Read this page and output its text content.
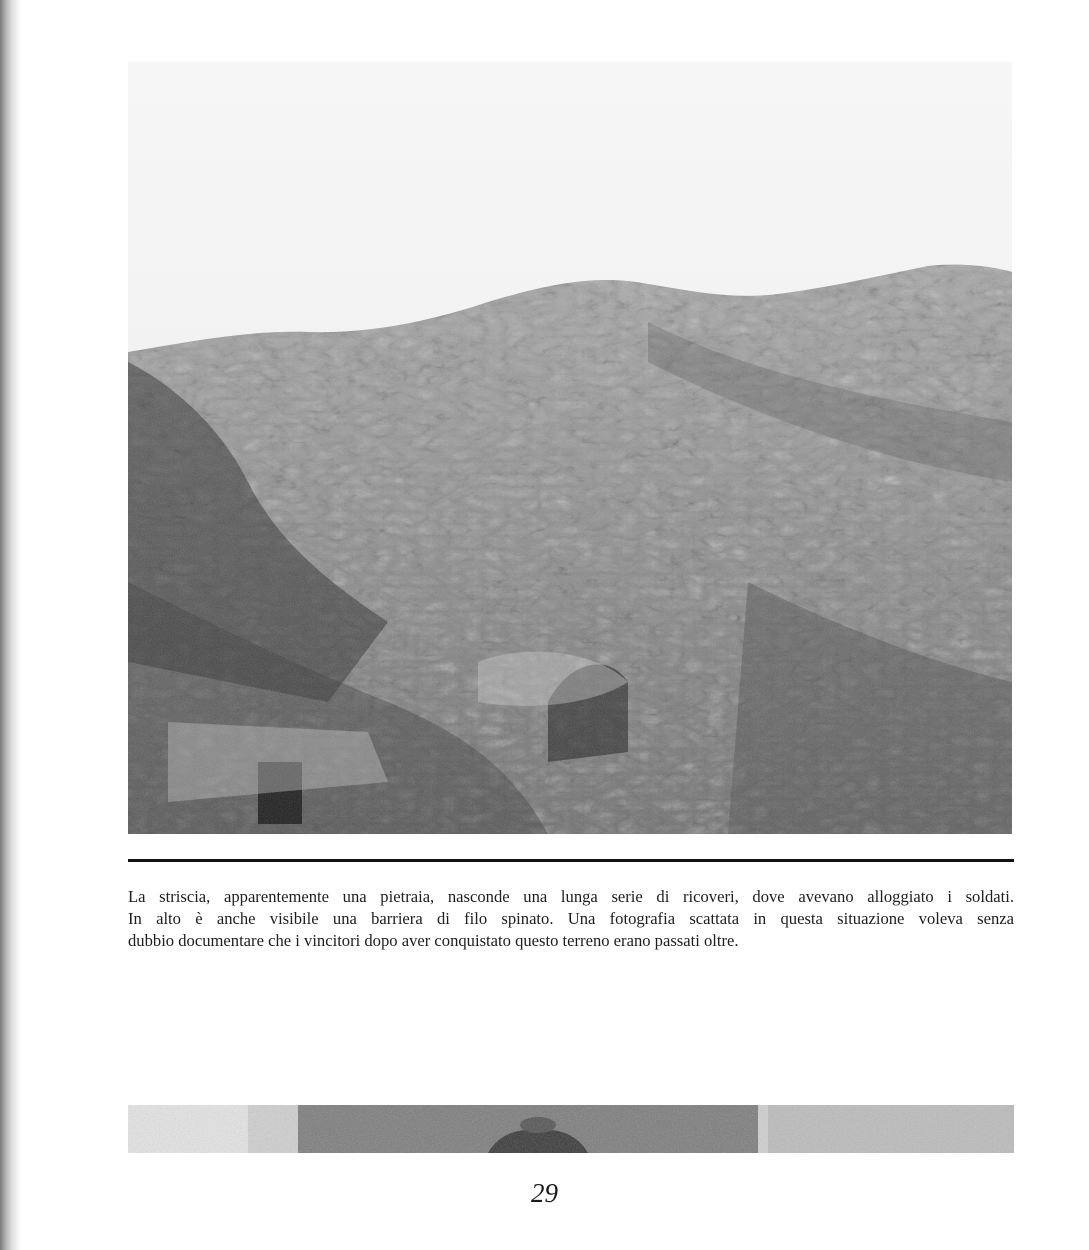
La striscia, apparentemente una pietraia, nasconde una lunga serie di ricoveri, dove avevano alloggiato i soldati.
In alto è anche visibile una barriera di filo spinato. Una fotografia scattata in questa situazione voleva senza
dubbio documentare che i vincitori dopo aver conquistato questo terreno erano passati oltre.

29
